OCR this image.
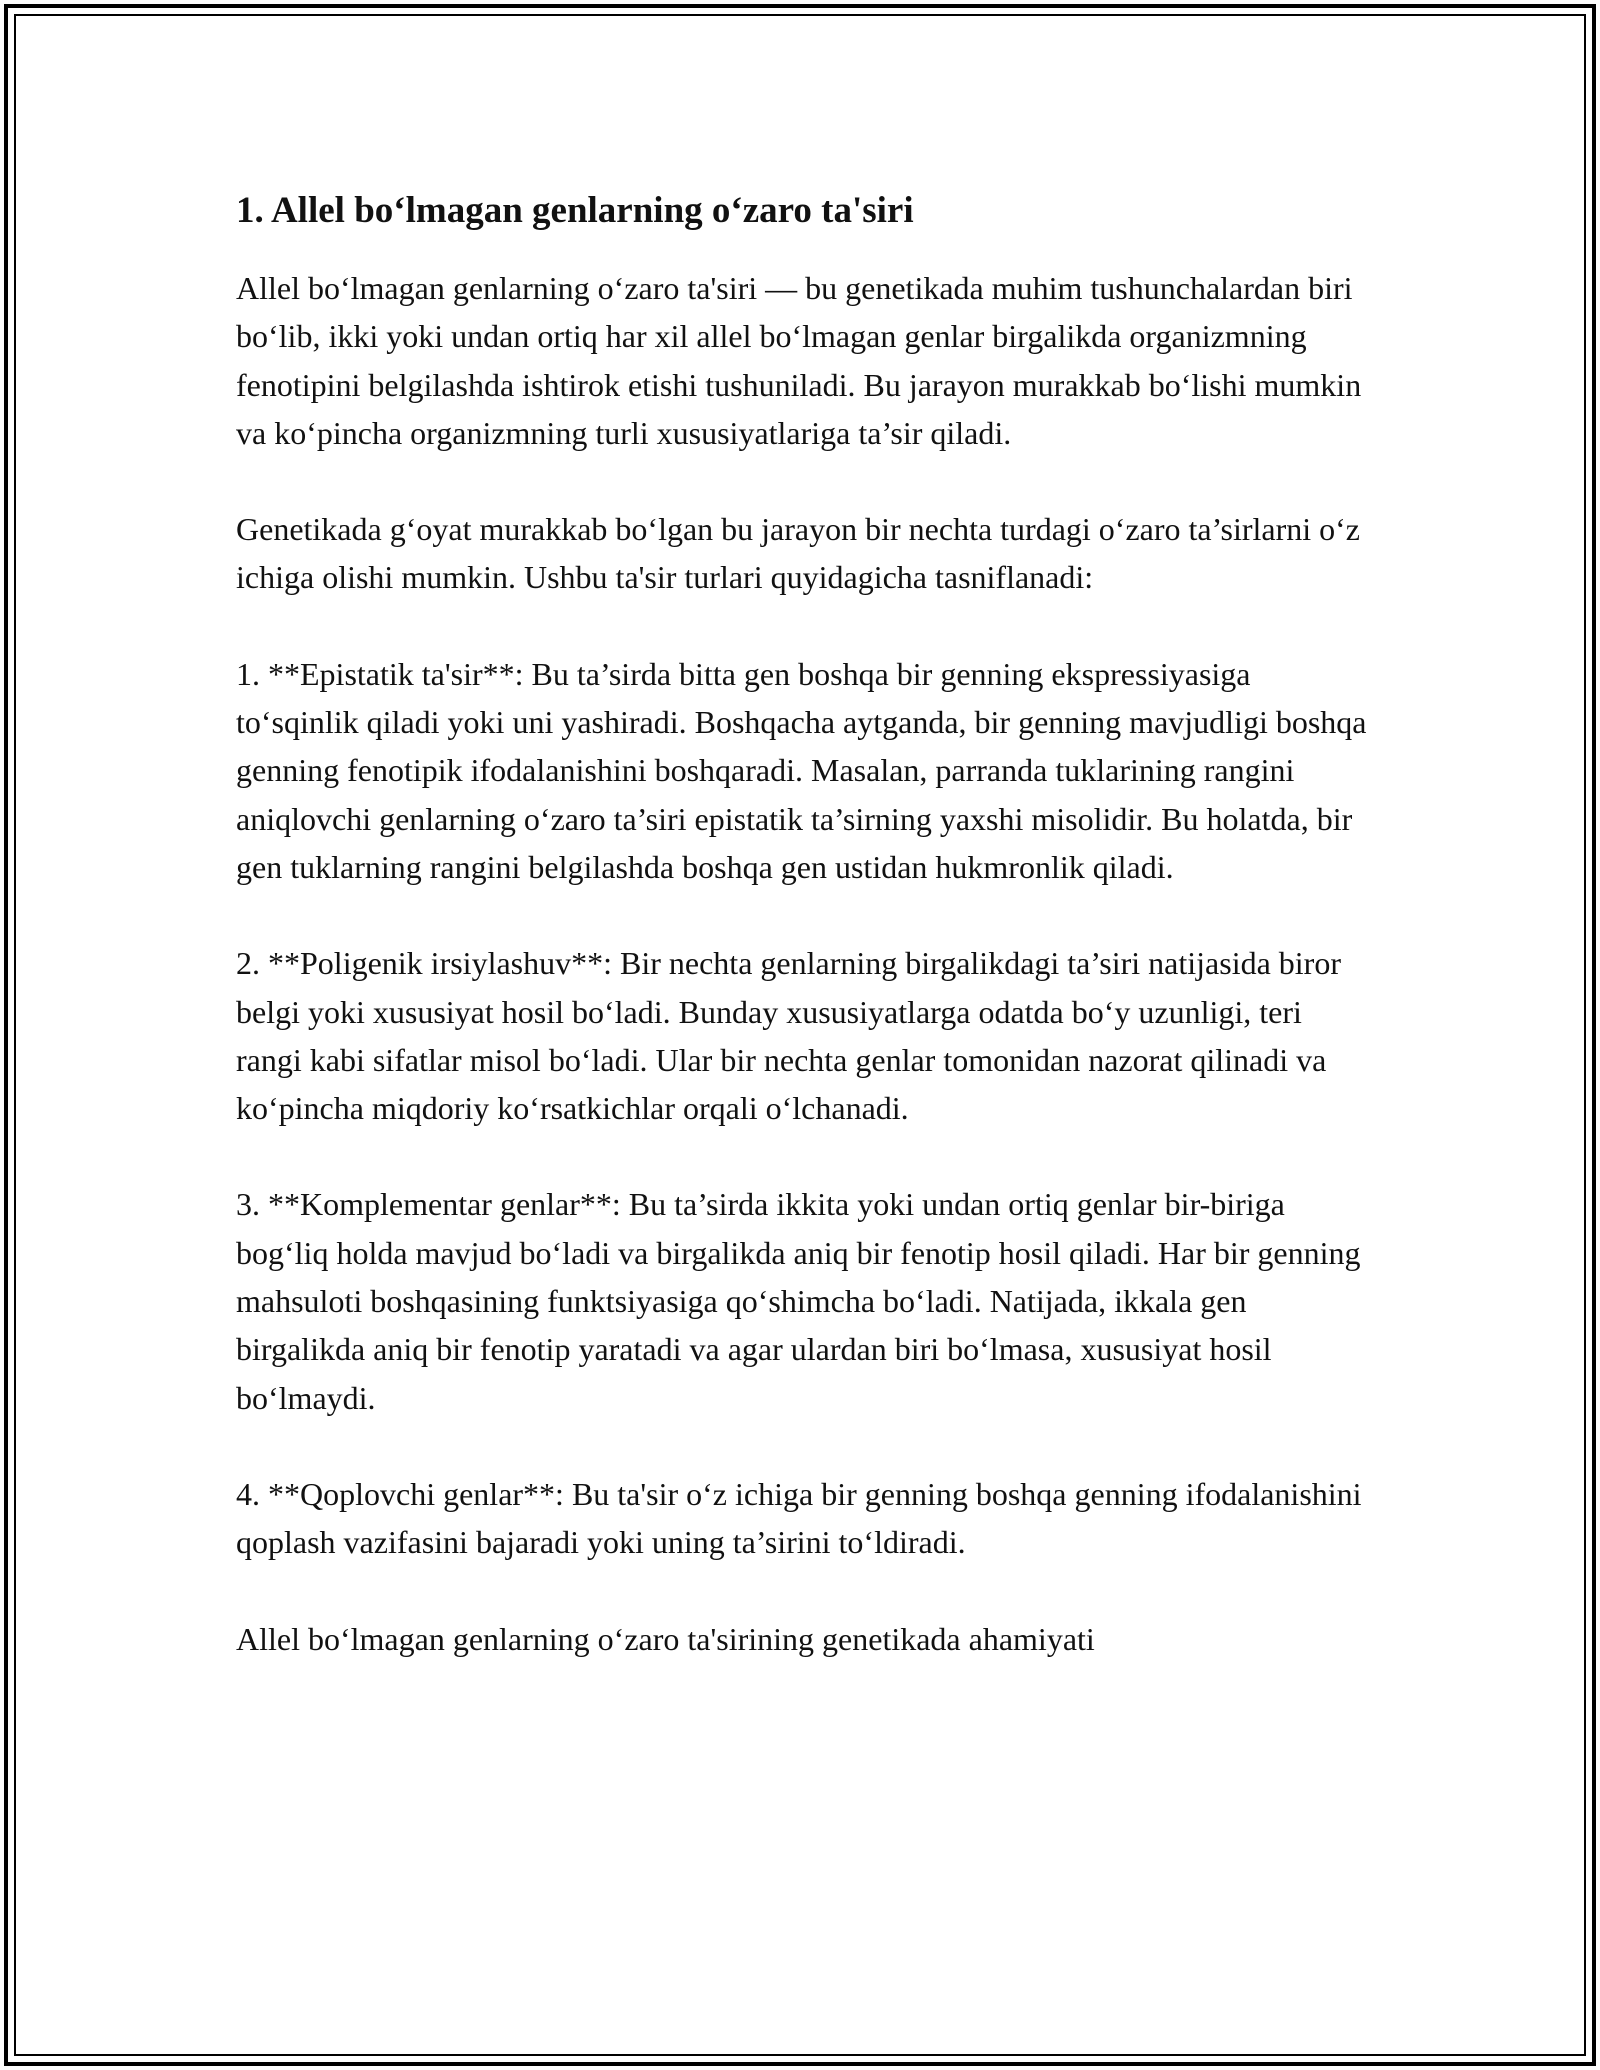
1. Allel bo‘lmagan genlarning o‘zaro ta'siri

Allel bo‘lmagan genlarning o‘zaro ta'siri — bu genetikada muhim tushunchalardan biri bo‘lib, ikki yoki undan ortiq har xil allel bo‘lmagan genlar birgalikda organizmning fenotipini belgilashda ishtirok etishi tushuniladi. Bu jarayon murakkab bo‘lishi mumkin va ko‘pincha organizmning turli xususiyatlariga ta’sir qiladi.

Genetikada g‘oyat murakkab bo‘lgan bu jarayon bir nechta turdagi o‘zaro ta’sirlarni o‘z ichiga olishi mumkin. Ushbu ta'sir turlari quyidagicha tasniflanadi:

1. **Epistatik ta'sir**: Bu ta’sirda bitta gen boshqa bir genning ekspressiyasiga to‘sqinlik qiladi yoki uni yashiradi. Boshqacha aytganda, bir genning mavjudligi boshqa genning fenotipik ifodalanishini boshqaradi. Masalan, parranda tuklarining rangini aniqlovchi genlarning o‘zaro ta’siri epistatik ta’sirning yaxshi misolidir. Bu holatda, bir gen tuklarning rangini belgilashda boshqa gen ustidan hukmronlik qiladi.

2. **Poligenik irsiylashuv**: Bir nechta genlarning birgalikdagi ta’siri natijasida biror belgi yoki xususiyat hosil bo‘ladi. Bunday xususiyatlarga odatda bo‘y uzunligi, teri rangi kabi sifatlar misol bo‘ladi. Ular bir nechta genlar tomonidan nazorat qilinadi va ko‘pincha miqdoriy ko‘rsatkichlar orqali o‘lchanadi.

3. **Komplementar genlar**: Bu ta’sirda ikkita yoki undan ortiq genlar bir-biriga bog‘liq holda mavjud bo‘ladi va birgalikda aniq bir fenotip hosil qiladi. Har bir genning mahsuloti boshqasining funktsiyasiga qo‘shimcha bo‘ladi. Natijada, ikkala gen birgalikda aniq bir fenotip yaratadi va agar ulardan biri bo‘lmasa, xususiyat hosil bo‘lmaydi.

4. **Qoplovchi genlar**: Bu ta'sir o‘z ichiga bir genning boshqa genning ifodalanishini qoplash vazifasini bajaradi yoki uning ta’sirini to‘ldiradi.

Allel bo‘lmagan genlarning o‘zaro ta'sirining genetikada ahamiyati
